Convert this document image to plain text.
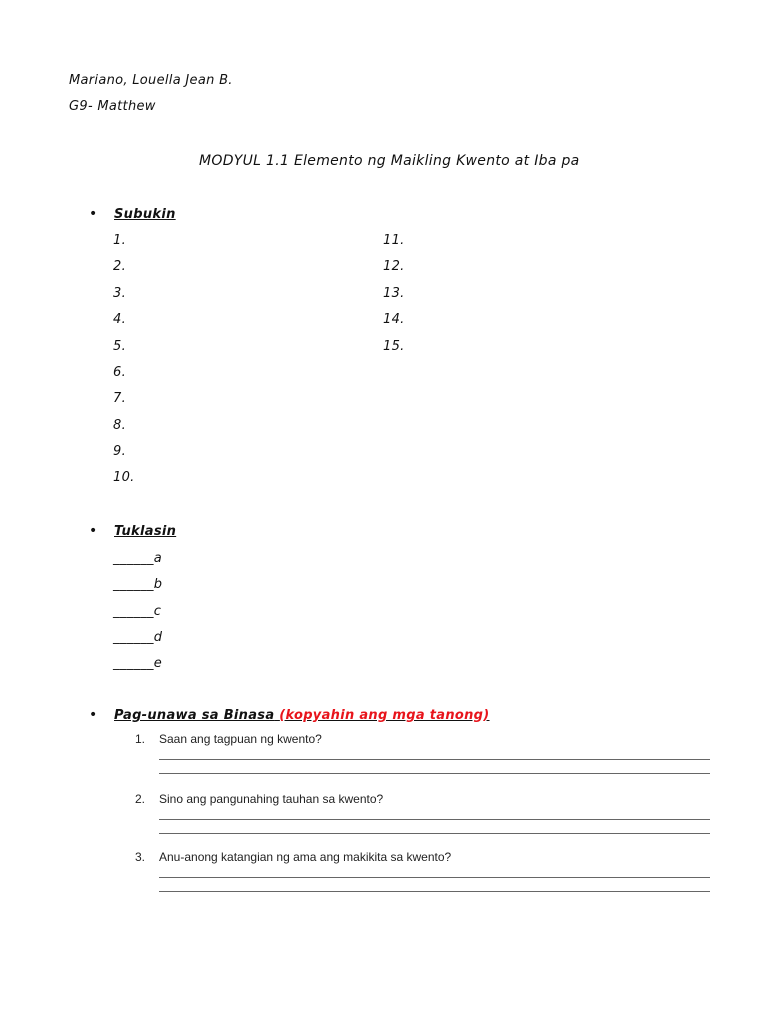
Mariano, Louella Jean B.
G9- Matthew
MODYUL 1.1 Elemento ng Maikling Kwento at Iba pa
• Subukin
1.
2.
3.
4.
5.
6.
7.
8.
9.
10.
11.
12.
13.
14.
15.
• Tuklasin
______a
______b
______c
______d
______e
• Pag-unawa sa Binasa (kopyahin ang mga tanong)
1. Saan ang tagpuan ng kwento?
2. Sino ang pangunahing tauhan sa kwento?
3. Anu-anong katangian ng ama ang makikita sa kwento?
